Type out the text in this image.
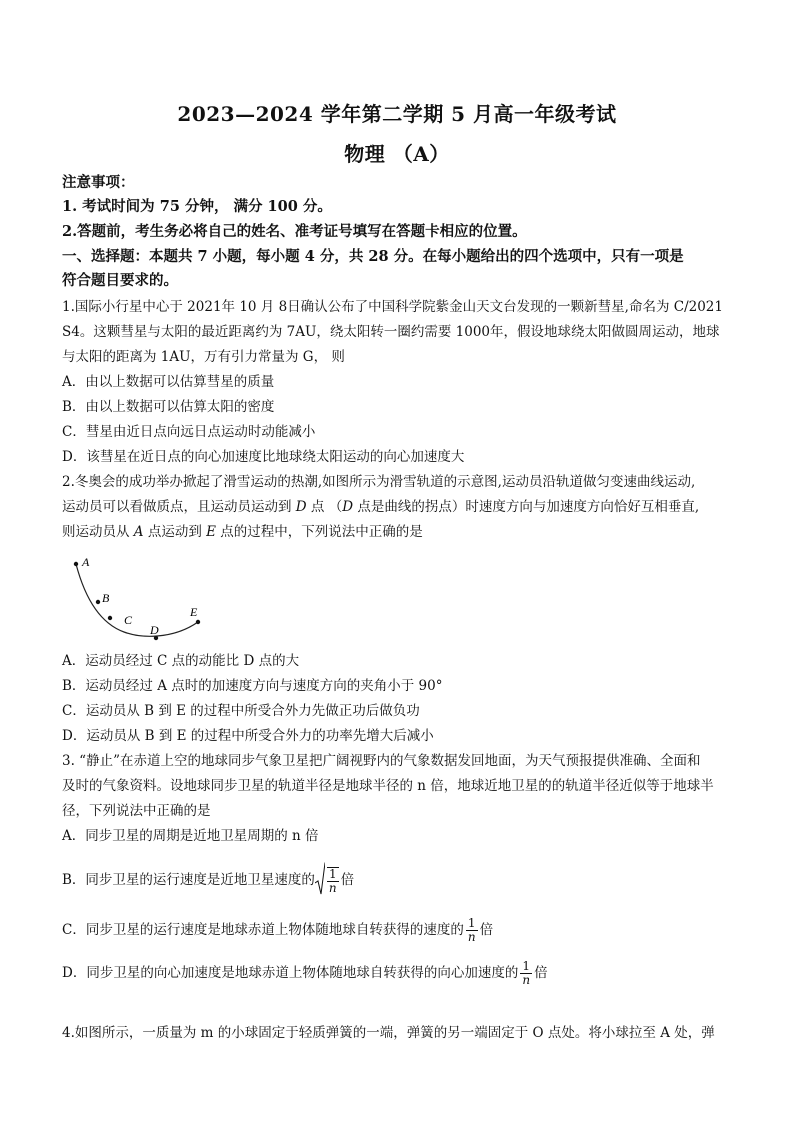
2023—2024 学年第二学期 5 月高一年级考试
物理 （A）
注意事项：
1. 考试时间为 75 分钟， 满分 100 分。
2.答题前，考生务必将自己的姓名、准考证号填写在答题卡相应的位置。
一、选择题：本题共 7 小题，每小题 4 分，共 28 分。在每小题给出的四个选项中，只有一项是
符合题目要求的。
1.国际小行星中心于 2021年 10 月 8日确认公布了中国科学院紫金山天文台发现的一颗新彗星,命名为 C/2021
S4。这颗彗星与太阳的最近距离约为 7AU，绕太阳转一圈约需要 1000年，假设地球绕太阳做圆周运动，地球
与太阳的距离为 1AU，万有引力常量为 G， 则
A．由以上数据可以估算彗星的质量
B．由以上数据可以估算太阳的密度
C．彗星由近日点向远日点运动时动能减小
D．该彗星在近日点的向心加速度比地球绕太阳运动的向心加速度大
2.冬奥会的成功举办掀起了滑雪运动的热潮,如图所示为滑雪轨道的示意图,运动员沿轨道做匀变速曲线运动,
运动员可以看做质点，且运动员运动到 D 点 （D 点是曲线的拐点）时速度方向与加速度方向恰好互相垂直,
则运动员从 A 点运动到 E 点的过程中，下列说法中正确的是
A
B
C
D
E
A．运动员经过 C 点的动能比 D 点的大
B．运动员经过 A 点时的加速度方向与速度方向的夹角小于 90°
C．运动员从 B 到 E 的过程中所受合外力先做正功后做负功
D．运动员从 B 到 E 的过程中所受合外力的功率先增大后减小
3. “静止”在赤道上空的地球同步气象卫星把广阔视野内的气象数据发回地面，为天气预报提供准确、全面和
及时的气象资料。设地球同步卫星的轨道半径是地球半径的 n 倍，地球近地卫星的的轨道半径近似等于地球半
径，下列说法中正确的是
A．同步卫星的周期是近地卫星周期的 n 倍
B．同步卫星的运行速度是近地卫星速度的 $\frac{1}{n}$ 倍
C．同步卫星的运行速度是地球赤道上物体随地球自转获得的速度的 $\frac{1}{n}$ 倍
D．同步卫星的向心加速度是地球赤道上物体随地球自转获得的向心加速度的 $\frac{1}{n}$ 倍
4.如图所示，一质量为 m 的小球固定于轻质弹簧的一端，弹簧的另一端固定于 O 点处。将小球拉至 A 处，弹
